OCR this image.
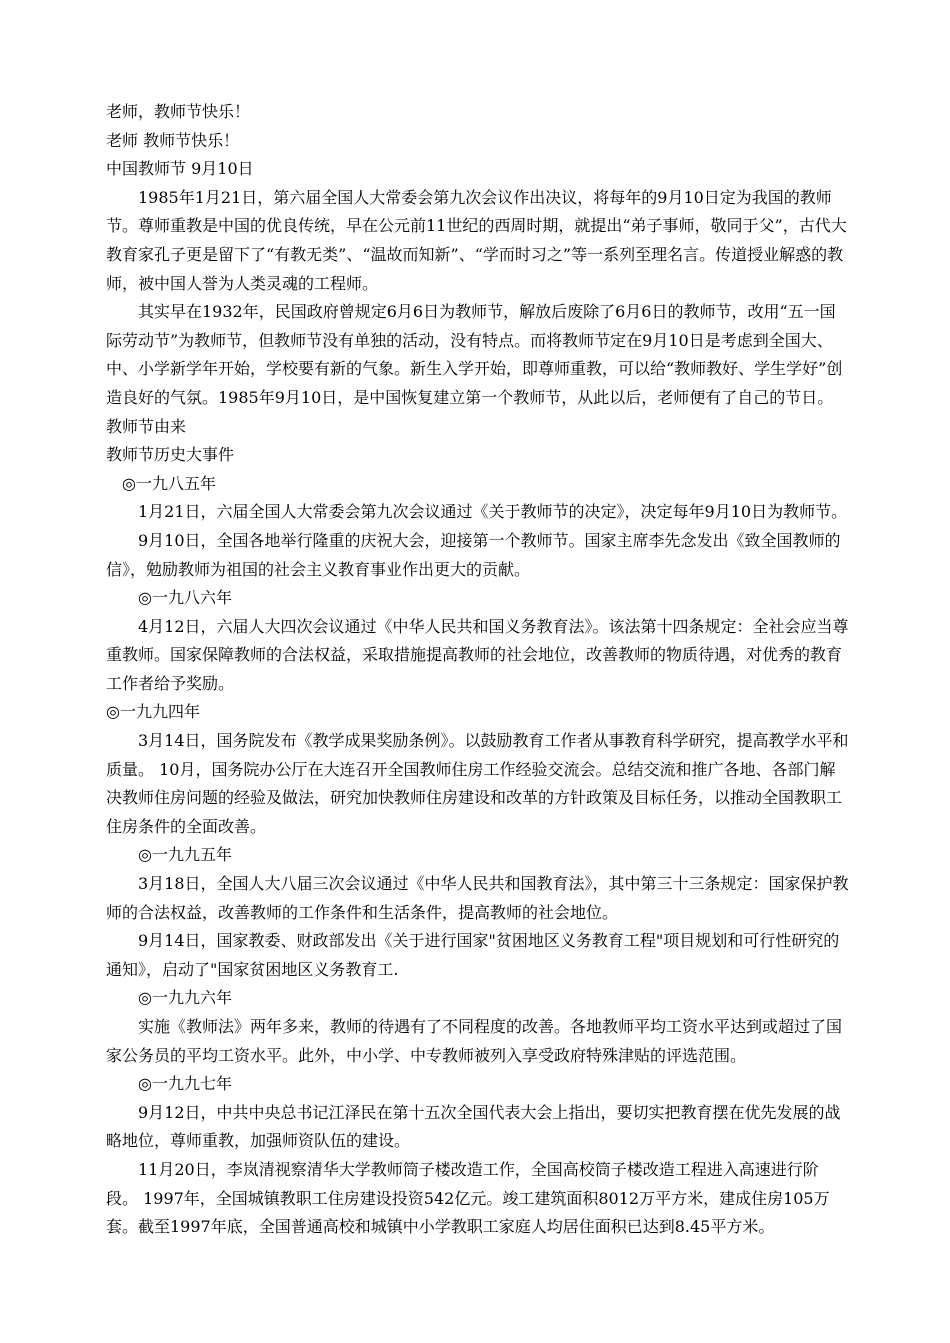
老师，教师节快乐！

老师 教师节快乐！

中国教师节 9月10日

1985年1月21日，第六届全国人大常委会第九次会议作出决议，将每年的9月10日定为我国的教师节。尊师重教是中国的优良传统，早在公元前11世纪的西周时期，就提出“弟子事师，敬同于父”，古代大教育家孔子更是留下了“有教无类”、“温故而知新”、“学而时习之”等一系列至理名言。传道授业解惑的教师，被中国人誉为人类灵魂的工程师。

其实早在1932年，民国政府曾规定6月6日为教师节，解放后废除了6月6日的教师节，改用“五一国际劳动节”为教师节，但教师节没有单独的活动，没有特点。而将教师节定在9月10日是考虑到全国大、中、小学新学年开始，学校要有新的气象。新生入学开始，即尊师重教，可以给“教师教好、学生学好”创造良好的气氛。1985年9月10日，是中国恢复建立第一个教师节，从此以后，老师便有了自己的节日。

教师节由来

教师节历史大事件

◎一九八五年

1月21日，六届全国人大常委会第九次会议通过《关于教师节的决定》，决定每年9月10日为教师节。

9月10日，全国各地举行隆重的庆祝大会，迎接第一个教师节。国家主席李先念发出《致全国教师的信》，勉励教师为祖国的社会主义教育事业作出更大的贡献。

◎一九八六年

4月12日，六届人大四次会议通过《中华人民共和国义务教育法》。该法第十四条规定：全社会应当尊重教师。国家保障教师的合法权益，采取措施提高教师的社会地位，改善教师的物质待遇，对优秀的教育工作者给予奖励。

◎一九九四年

3月14日，国务院发布《教学成果奖励条例》。以鼓励教育工作者从事教育科学研究，提高教学水平和质量。 10月，国务院办公厅在大连召开全国教师住房工作经验交流会。总结交流和推广各地、各部门解决教师住房问题的经验及做法，研究加快教师住房建设和改革的方针政策及目标任务，以推动全国教职工住房条件的全面改善。

◎一九九五年

3月18日，全国人大八届三次会议通过《中华人民共和国教育法》，其中第三十三条规定：国家保护教师的合法权益，改善教师的工作条件和生活条件，提高教师的社会地位。

9月14日，国家教委、财政部发出《关于进行国家"贫困地区义务教育工程"项目规划和可行性研究的通知》，启动了"国家贫困地区义务教育工.

◎一九九六年

实施《教师法》两年多来，教师的待遇有了不同程度的改善。各地教师平均工资水平达到或超过了国家公务员的平均工资水平。此外，中小学、中专教师被列入享受政府特殊津贴的评选范围。

◎一九九七年

9月12日，中共中央总书记江泽民在第十五次全国代表大会上指出，要切实把教育摆在优先发展的战略地位，尊师重教，加强师资队伍的建设。

11月20日，李岚清视察清华大学教师筒子楼改造工作，全国高校筒子楼改造工程进入高速进行阶段。 1997年，全国城镇教职工住房建设投资542亿元。竣工建筑面积8012万平方米，建成住房105万套。截至1997年底，全国普通高校和城镇中小学教职工家庭人均居住面积已达到8.45平方米。
